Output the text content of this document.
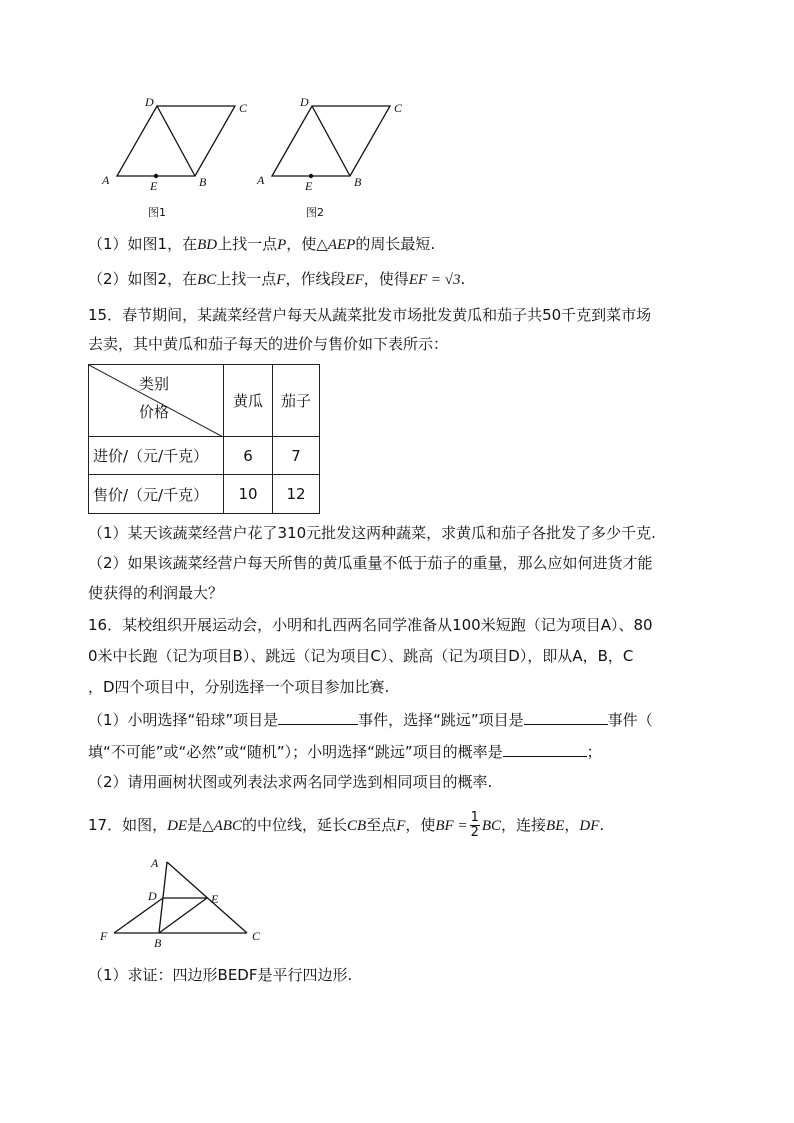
D	C
A	E	B
图1
D	C
A	E	B
图2
（1）如图1，在BD上找一点P，使△AEP的周长最短.
（2）如图2，在BC上找一点F，作线段EF，使得EF = √3.
15．春节期间，某蔬菜经营户每天从蔬菜批发市场批发黄瓜和茄子共50千克到菜市场
去卖，其中黄瓜和茄子每天的进价与售价如下表所示：
类别
价格	黄瓜	茄子
进价/（元/千克）	6	7
售价/（元/千克）	10	12
（1）某天该蔬菜经营户花了310元批发这两种蔬菜，求黄瓜和茄子各批发了多少千克.
（2）如果该蔬菜经营户每天所售的黄瓜重量不低于茄子的重量，那么应如何进货才能
使获得的利润最大？
16．某校组织开展运动会，小明和扎西两名同学准备从100米短跑（记为项目A）、80
0米中长跑（记为项目B）、跳远（记为项目C）、跳高（记为项目D），即从A，B，C
，D四个项目中，分别选择一个项目参加比赛.
（1）小明选择“铅球”项目是	事件，选择“跳远”项目是	事件（
填“不可能”或“必然”或“随机”）；小明选择“跳远”项目的概率是	；
（2）请用画树状图或列表法求两名同学选到相同项目的概率.
17．如图，DE是△ABC的中位线，延长CB至点F，使BF = $\frac{1}{2}$ BC，连接BE，DF.
A
D	E
F	B	C
（1）求证：四边形BEDF是平行四边形.
